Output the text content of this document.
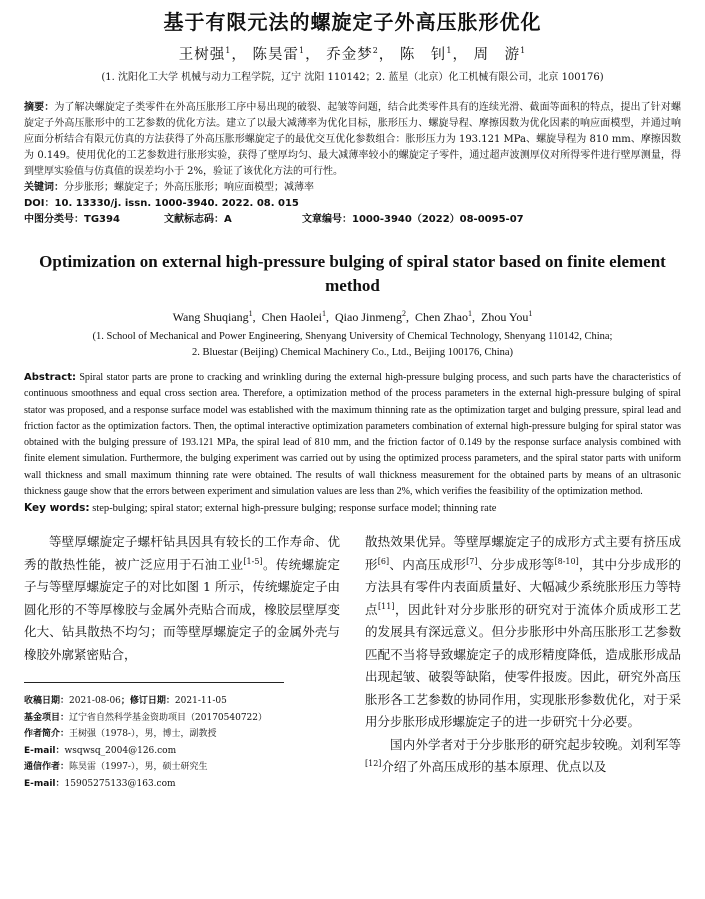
基于有限元法的螺旋定子外高压胀形优化
王树强$^1$， 陈昊雷$^1$， 乔金梦$^2$， 陈　钊$^1$， 周　游$^1$
(1. 沈阳化工大学 机械与动力工程学院，辽宁 沈阳 110142；2. 蓝星（北京）化工机械有限公司，北京 100176)
摘要：为了解决螺旋定子类零件在外高压胀形工序中易出现的破裂、起皱等问题，结合此类零件具有的连续光滑、截面等面积的特点，提出了针对螺旋定子外高压胀形中的工艺参数的优化方法。建立了以最大减薄率为优化目标，胀形压力、螺旋导程、摩擦因数为优化因素的响应面模型，并通过响应面分析结合有限元仿真的方法获得了外高压胀形螺旋定子的最优交互优化参数组合：胀形压力为 193.121 MPa、螺旋导程为 810 mm、摩擦因数为 0.149。使用优化的工艺参数进行胀形实验，获得了壁厚均匀、最大减薄率较小的螺旋定子零件，通过超声波测厚仪对所得零件进行壁厚测量，得到壁厚实验值与仿真值的误差均小于 2%，验证了该优化方法的可行性。
关键词：分步胀形；螺旋定子；外高压胀形；响应面模型；减薄率
DOI：10. 13330/j. issn. 1000-3940. 2022. 08. 015
中图分类号：TG394	文献标志码：A	文章编号：1000-3940（2022）08-0095-07
Optimization on external high-pressure bulging of spiral stator based on finite element method
Wang Shuqiang$^1$,  Chen Haolei$^1$,  Qiao Jinmeng$^2$,  Chen Zhao$^1$,  Zhou You$^1$
(1. School of Mechanical and Power Engineering, Shenyang University of Chemical Technology, Shenyang 110142, China;
2. Bluestar (Beijing) Chemical Machinery Co., Ltd., Beijing 100176, China)
Abstract: Spiral stator parts are prone to cracking and wrinkling during the external high-pressure bulging process, and such parts have the characteristics of continuous smoothness and equal cross section area. Therefore, a optimization method of the process parameters in the external high-pressure bulging of spiral stator was proposed, and a response surface model was established with the maximum thinning rate as the optimization target and bulging pressure, spiral lead and friction factor as the optimization factors. Then, the optimal interactive optimization parameters combination of external high-pressure bulging for spiral stator was obtained with the bulging pressure of 193.121 MPa, the spiral lead of 810 mm, and the friction factor of 0.149 by the response surface analysis combined with finite element simulation. Furthermore, the bulging experiment was carried out by using the optimized process parameters, and the spiral stator parts with uniform wall thickness and small maximum thinning rate were obtained. The results of wall thickness measurement for the obtained parts by means of an ultrasonic thickness gauge show that the errors between experiment and simulation values are less than 2%, which verifies the feasibility of the optimization method.
Key words: step-bulging; spiral stator; external high-pressure bulging; response surface model; thinning rate

等壁厚螺旋定子螺杆钻具因具有较长的工作寿命、优秀的散热性能，被广泛应用于石油工业[1-5]。传统螺旋定子与等壁厚螺旋定子的对比如图 1 所示，传统螺旋定子由圆化形的不等厚橡胶与金属外壳贴合而成，橡胶层壁厚变化大、钻具散热不均匀；而等壁厚螺旋定子的金属外壳与橡胶外廓紧密贴合，

收稿日期：2021-08-06；修订日期：2021-11-05
基金项目：辽宁省自然科学基金资助项目（20170540722）
作者简介：王树强（1978-），男，博士，副教授
E-mail：wsqwsq_2004@126.com
通信作者：陈昊雷（1997-），男，硕士研究生
E-mail：15905275133@163.com

散热效果优异。等壁厚螺旋定子的成形方式主要有挤压成形[6]、内高压成形[7]、分步成形等[8-10]，其中分步成形的方法具有零件内表面质量好、大幅减少系统胀形压力等特点[11]，因此针对分步胀形的研究对于流体介质成形工艺的发展具有深远意义。但分步胀形中外高压胀形工艺参数匹配不当将导致螺旋定子的成形精度降低，造成胀形成品出现起皱、破裂等缺陷，使零件报废。因此，研究外高压胀形各工艺参数的协同作用，实现胀形参数优化，对于采用分步胀形成形螺旋定子的进一步研究十分必要。

国内外学者对于分步胀形的研究起步较晚。刘利军等[12]介绍了外高压成形的基本原理、优点以及
